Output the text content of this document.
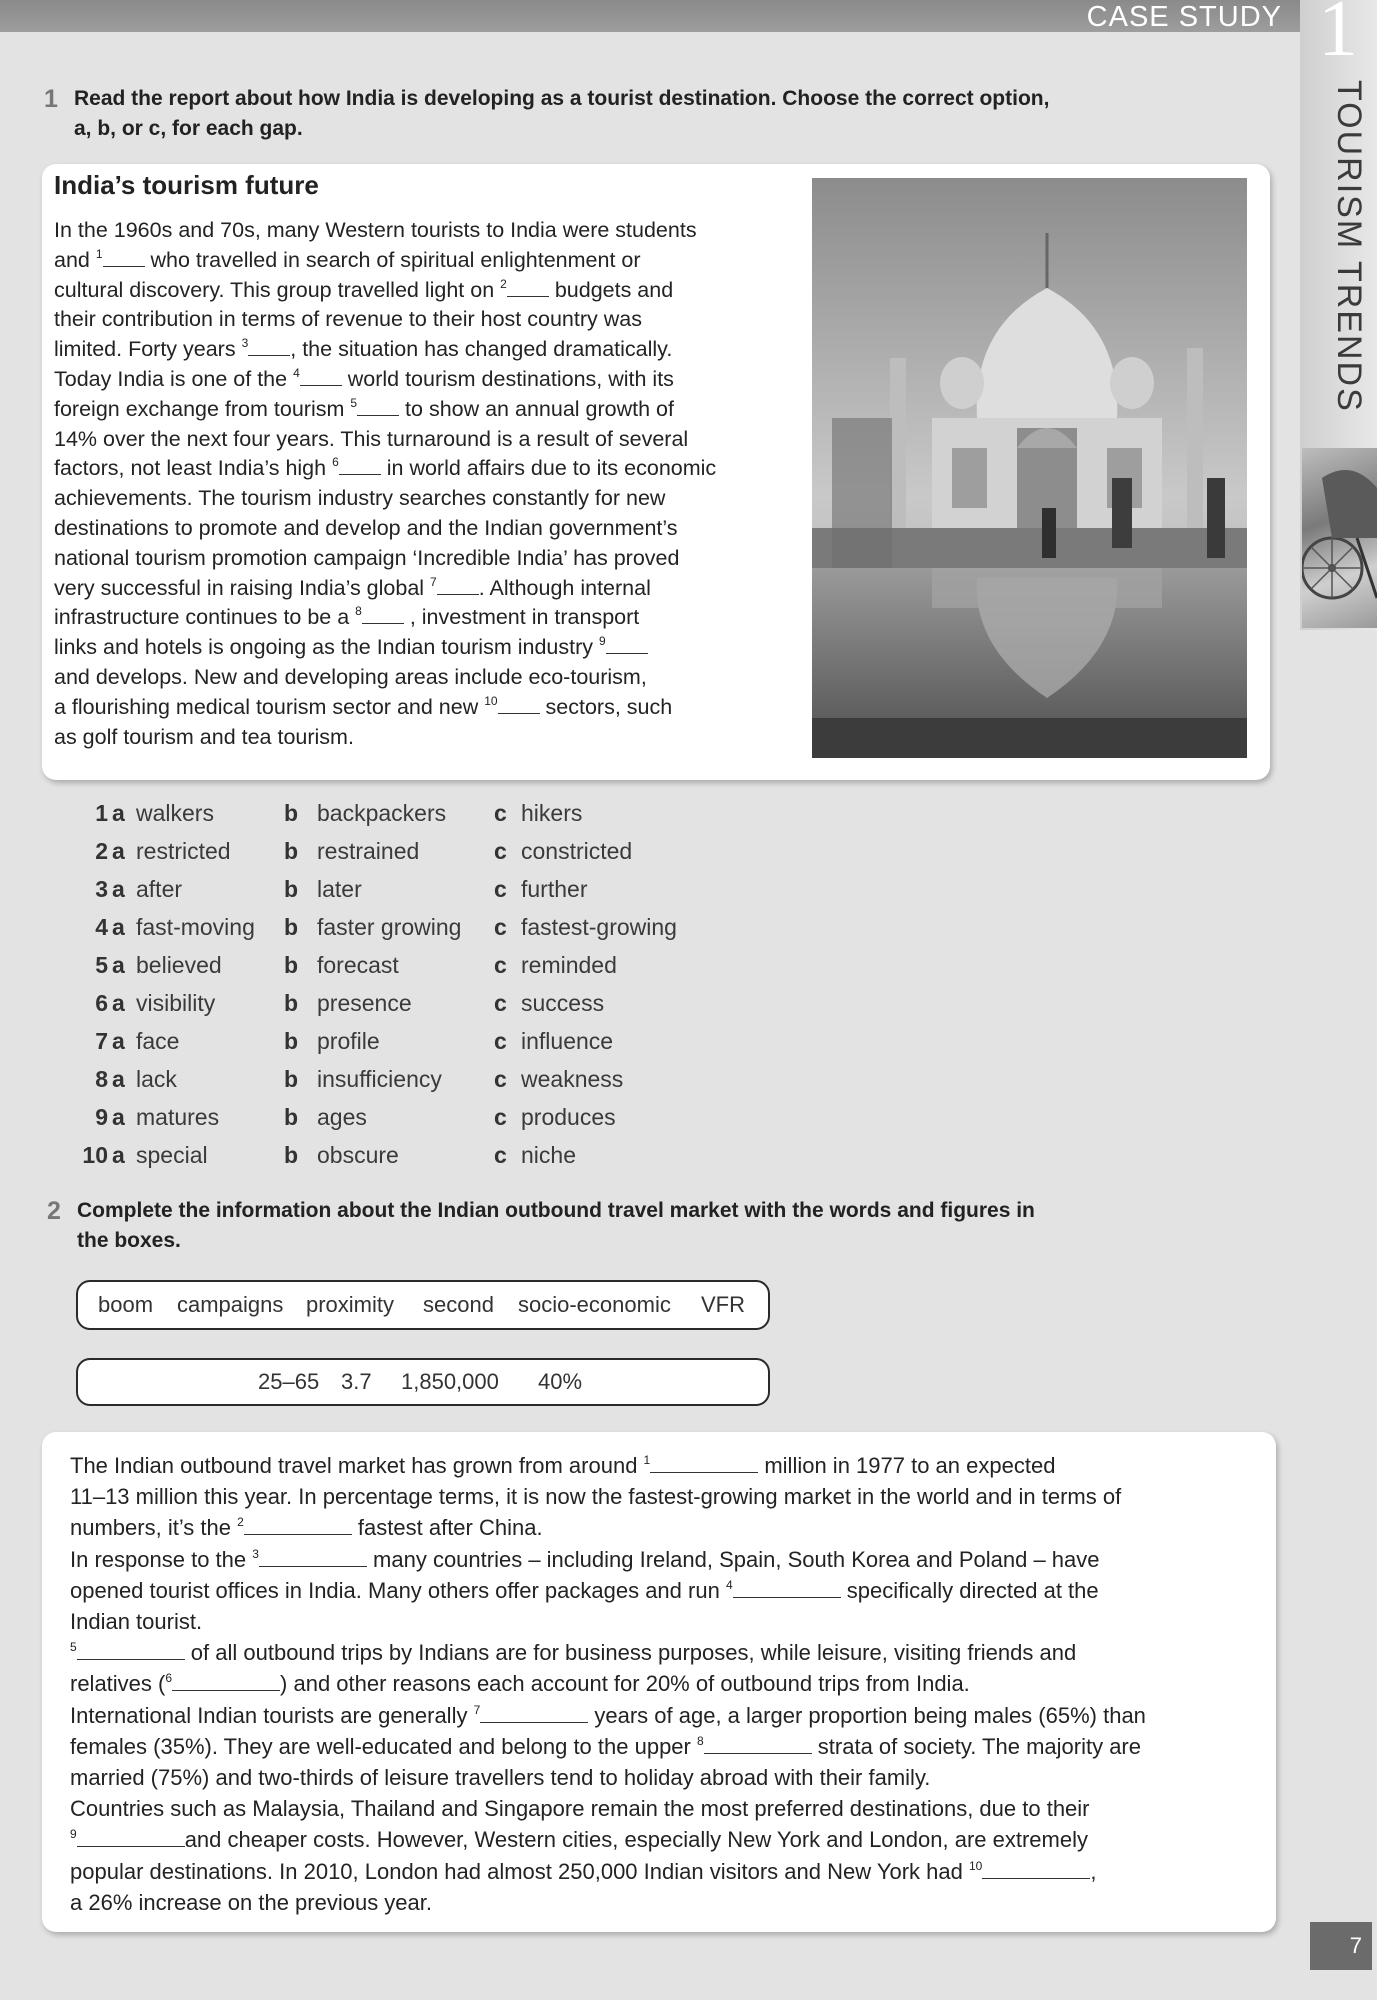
CASE STUDY 1
TOURISM TRENDS
1 Read the report about how India is developing as a tourist destination. Choose the correct option,
a, b, or c, for each gap.
India’s tourism future
In the 1960s and 70s, many Western tourists to India were students
and $^1$ who travelled in search of spiritual enlightenment or
cultural discovery. This group travelled light on $^2$ budgets and
their contribution in terms of revenue to their host country was
limited. Forty years $^3$ , the situation has changed dramatically.
Today India is one of the $^4$ world tourism destinations, with its
foreign exchange from tourism $^5$ to show an annual growth of
14% over the next four years. This turnaround is a result of several
factors, not least India’s high $^6$ in world affairs due to its economic
achievements. The tourism industry searches constantly for new
destinations to promote and develop and the Indian government’s
national tourism promotion campaign ‘Incredible India’ has proved
very successful in raising India’s global $^7$ . Although internal
infrastructure continues to be a $^8$ , investment in transport
links and hotels is ongoing as the Indian tourism industry $^9$
and develops. New and developing areas include eco-tourism,
a flourishing medical tourism sector and new $^{10}$ sectors, such
as golf tourism and tea tourism.
1 a walkers	b backpackers c hikers
2 a restricted b restrained	c constricted
3 a after	b later	c further
4 a fast-moving b faster growing c fastest-growing
5 a believed	b forecast	c reminded
6 a visibility	b presence	c success
7 a face	b profile	c influence
8 a lack	b insufficiency c weakness
9 a matures	b ages	c produces
10 a special	b obscure	c niche
2 Complete the information about the Indian outbound travel market with the words and figures in
the boxes.
boom campaigns proximity second socio-economic VFR
25–65 3.7 1,850,000 40%
The Indian outbound travel market has grown from around $^1$	million in 1977 to an expected
11–13 million this year. In percentage terms, it is now the fastest-growing market in the world and in terms of
numbers, it’s the $^2$	fastest after China.
In response to the $^3$	many countries – including Ireland, Spain, South Korea and Poland – have
opened tourist offices in India. Many others offer packages and run $^4$	specifically directed at the
Indian tourist.
$^5$	of all outbound trips by Indians are for business purposes, while leisure, visiting friends and
relatives ($^6$	) and other reasons each account for 20% of outbound trips from India.
International Indian tourists are generally $^7$	years of age, a larger proportion being males (65%) than
females (35%). They are well-educated and belong to the upper $^8$	strata of society. The majority are
married (75%) and two-thirds of leisure travellers tend to holiday abroad with their family.
Countries such as Malaysia, Thailand and Singapore remain the most preferred destinations, due to their
$^9$	and cheaper costs. However, Western cities, especially New York and London, are extremely
popular destinations. In 2010, London had almost 250,000 Indian visitors and New York had $^{10}$	,
a 26% increase on the previous year.
7
